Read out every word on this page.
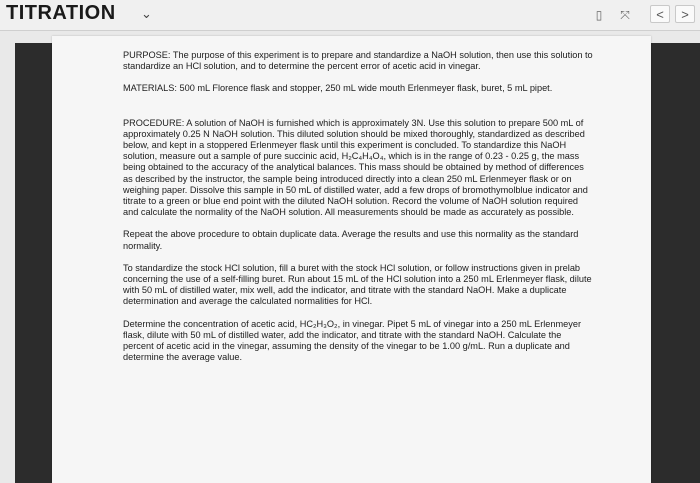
TITRATION ⌄	▯	⤧	<	>

PURPOSE: The purpose of this experiment is to prepare and standardize a NaOH solution, then use this solution to standardize an HCl solution, and to determine the percent error of acetic acid in vinegar.

MATERIALS: 500 mL Florence flask and stopper, 250 mL wide mouth Erlenmeyer flask, buret, 5 mL pipet.

PROCEDURE: A solution of NaOH is furnished which is approximately 3N. Use this solution to prepare 500 mL of approximately 0.25 N NaOH solution. This diluted solution should be mixed thoroughly, standardized as described below, and kept in a stoppered Erlenmeyer flask until this experiment is concluded. To standardize this NaOH solution, measure out a sample of pure succinic acid, H₂C₄H₄O₄, which is in the range of 0.23 - 0.25 g, the mass being obtained to the accuracy of the analytical balances. This mass should be obtained by method of differences as described by the instructor, the sample being introduced directly into a clean 250 mL Erlenmeyer flask or on weighing paper. Dissolve this sample in 50 mL of distilled water, add a few drops of bromothymolblue indicator and titrate to a green or blue end point with the diluted NaOH solution. Record the volume of NaOH solution required and calculate the normality of the NaOH solution. All measurements should be made as accurately as possible.

Repeat the above procedure to obtain duplicate data. Average the results and use this normality as the standard normality.

To standardize the stock HCl solution, fill a buret with the stock HCl solution, or follow instructions given in prelab concerning the use of a self-filling buret. Run about 15 mL of the HCl solution into a 250 mL Erlenmeyer flask, dilute with 50 mL of distilled water, mix well, add the indicator, and titrate with the standard NaOH. Make a duplicate determination and average the calculated normalities for HCl.

Determine the concentration of acetic acid, HC₂H₃O₂, in vinegar. Pipet 5 mL of vinegar into a 250 mL Erlenmeyer flask, dilute with 50 mL of distilled water, add the indicator, and titrate with the standard NaOH. Calculate the percent of acetic acid in the vinegar, assuming the density of the vinegar to be 1.00 g/mL. Run a duplicate and determine the average value.
